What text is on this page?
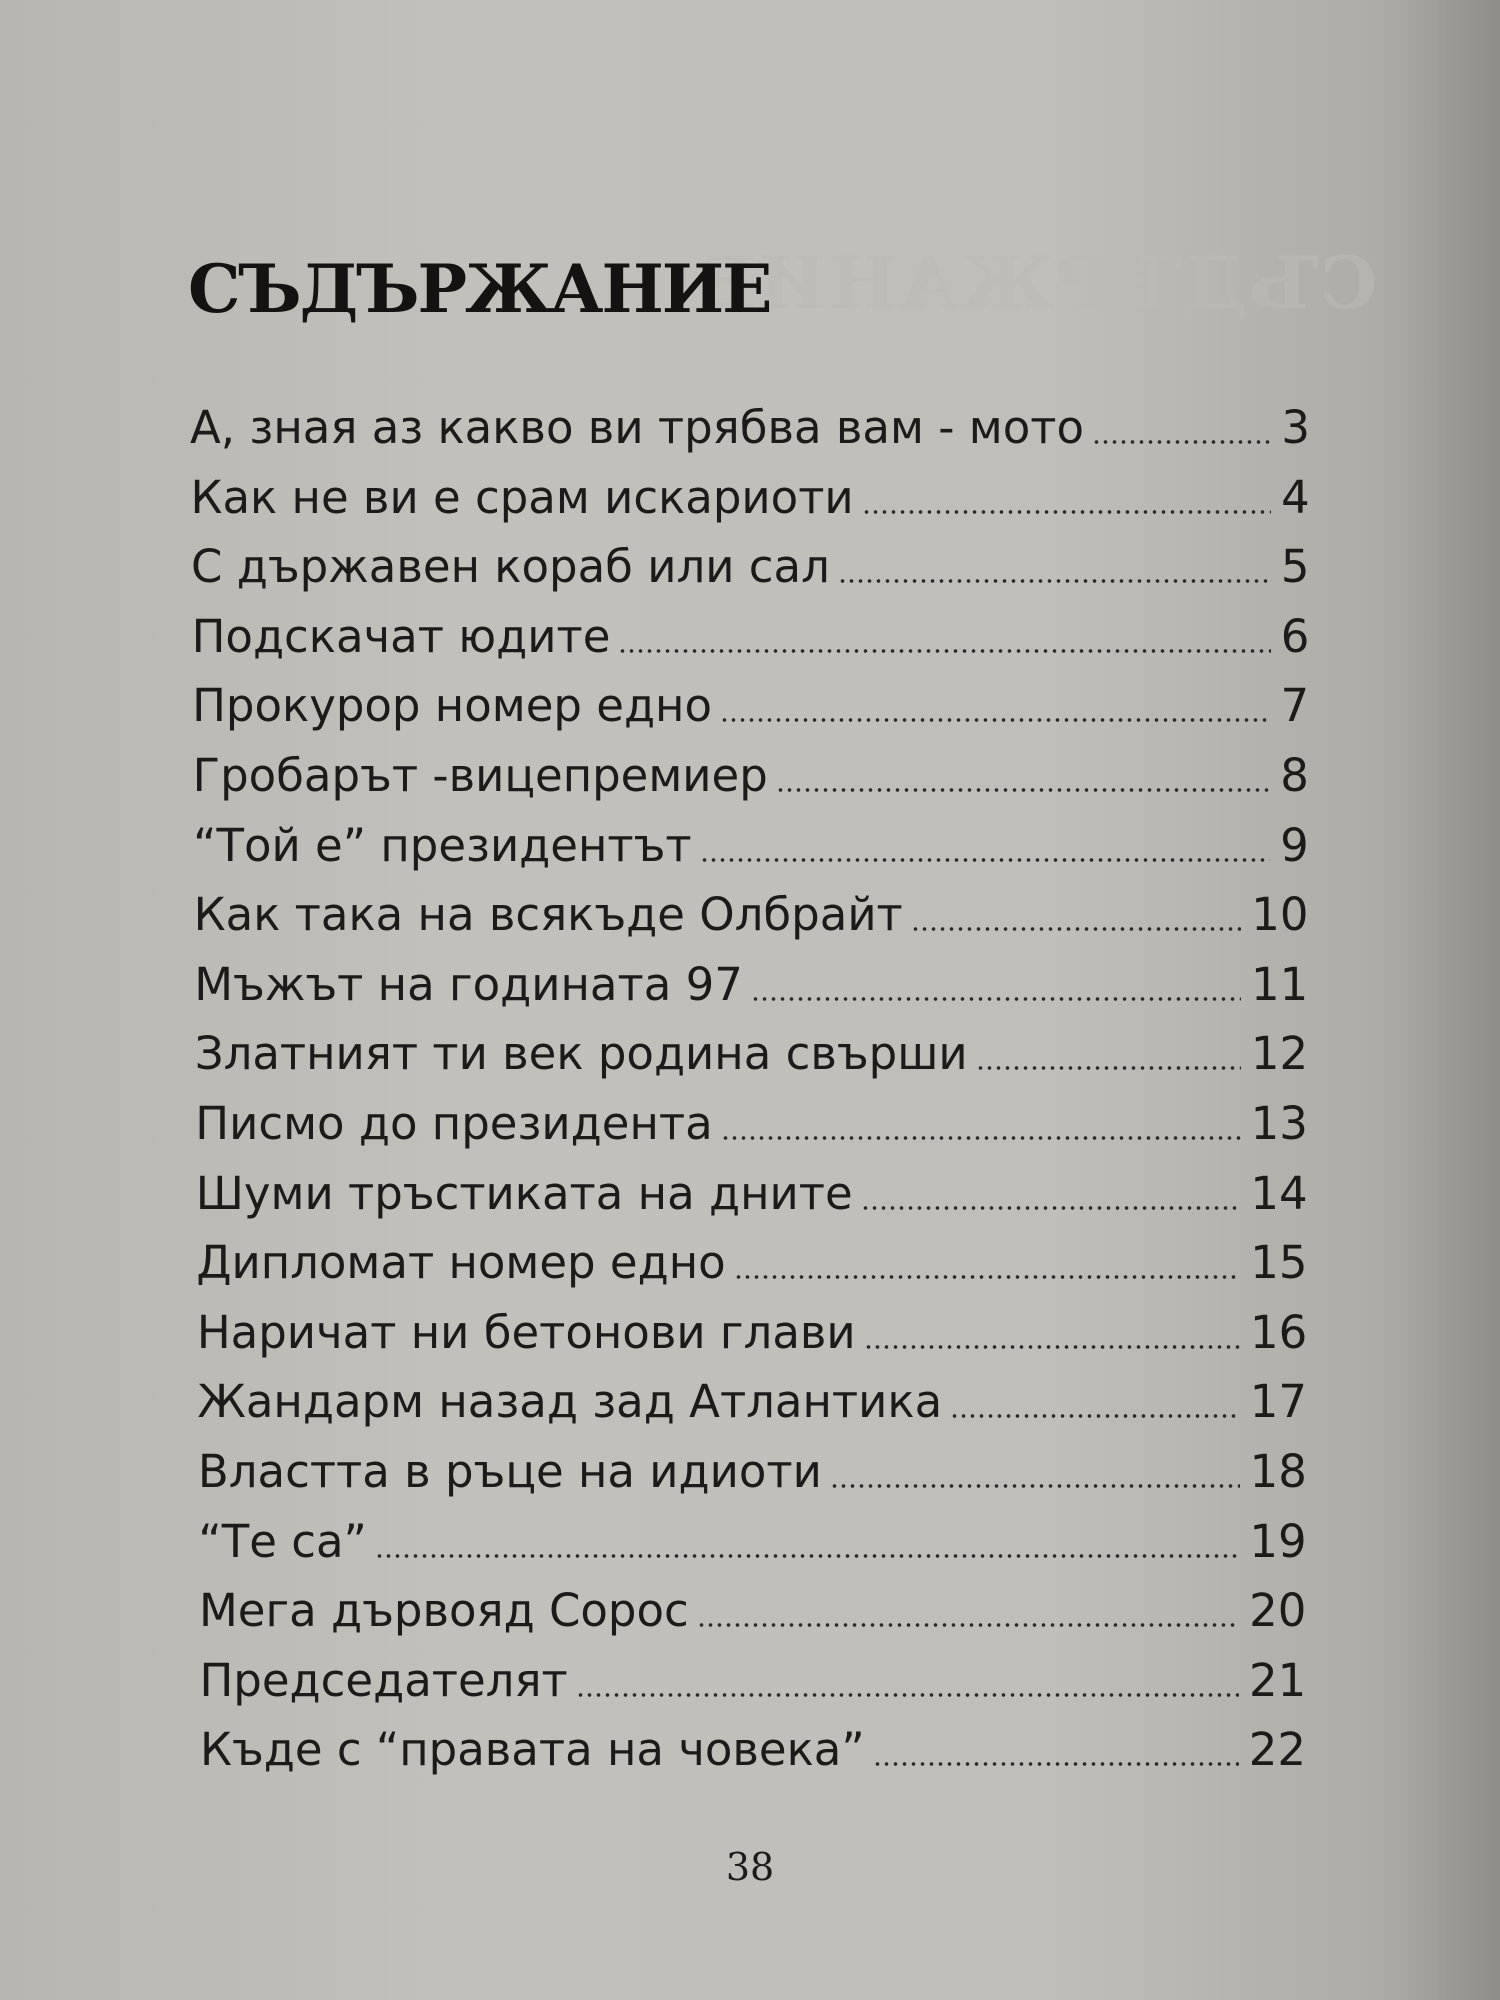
СЪДЪРЖАНИЕ
СЪДЪРЖАНИЕ
А, зная аз какво ви трябва вам - мото	3
Как не ви е срам искариоти	4
С държавен кораб или сал	5
Подскачат юдите	6
Прокурор номер едно	7
Гробарът -вицепремиер	8
“Той е” президентът	9
Как така на всякъде Олбрайт	10
Мъжът на годината 97	11
Златният ти век родина свърши	12
Писмо до президента	13
Шуми тръстиката на дните	14
Дипломат номер едно	15
Наричат ни бетонови глави	16
Жандарм назад зад Атлантика	17
Властта в ръце на идиоти	18
“Те са”	19
Мега дървояд Сорос	20
Председателят	21
Къде с “правата на човека”	22
38
